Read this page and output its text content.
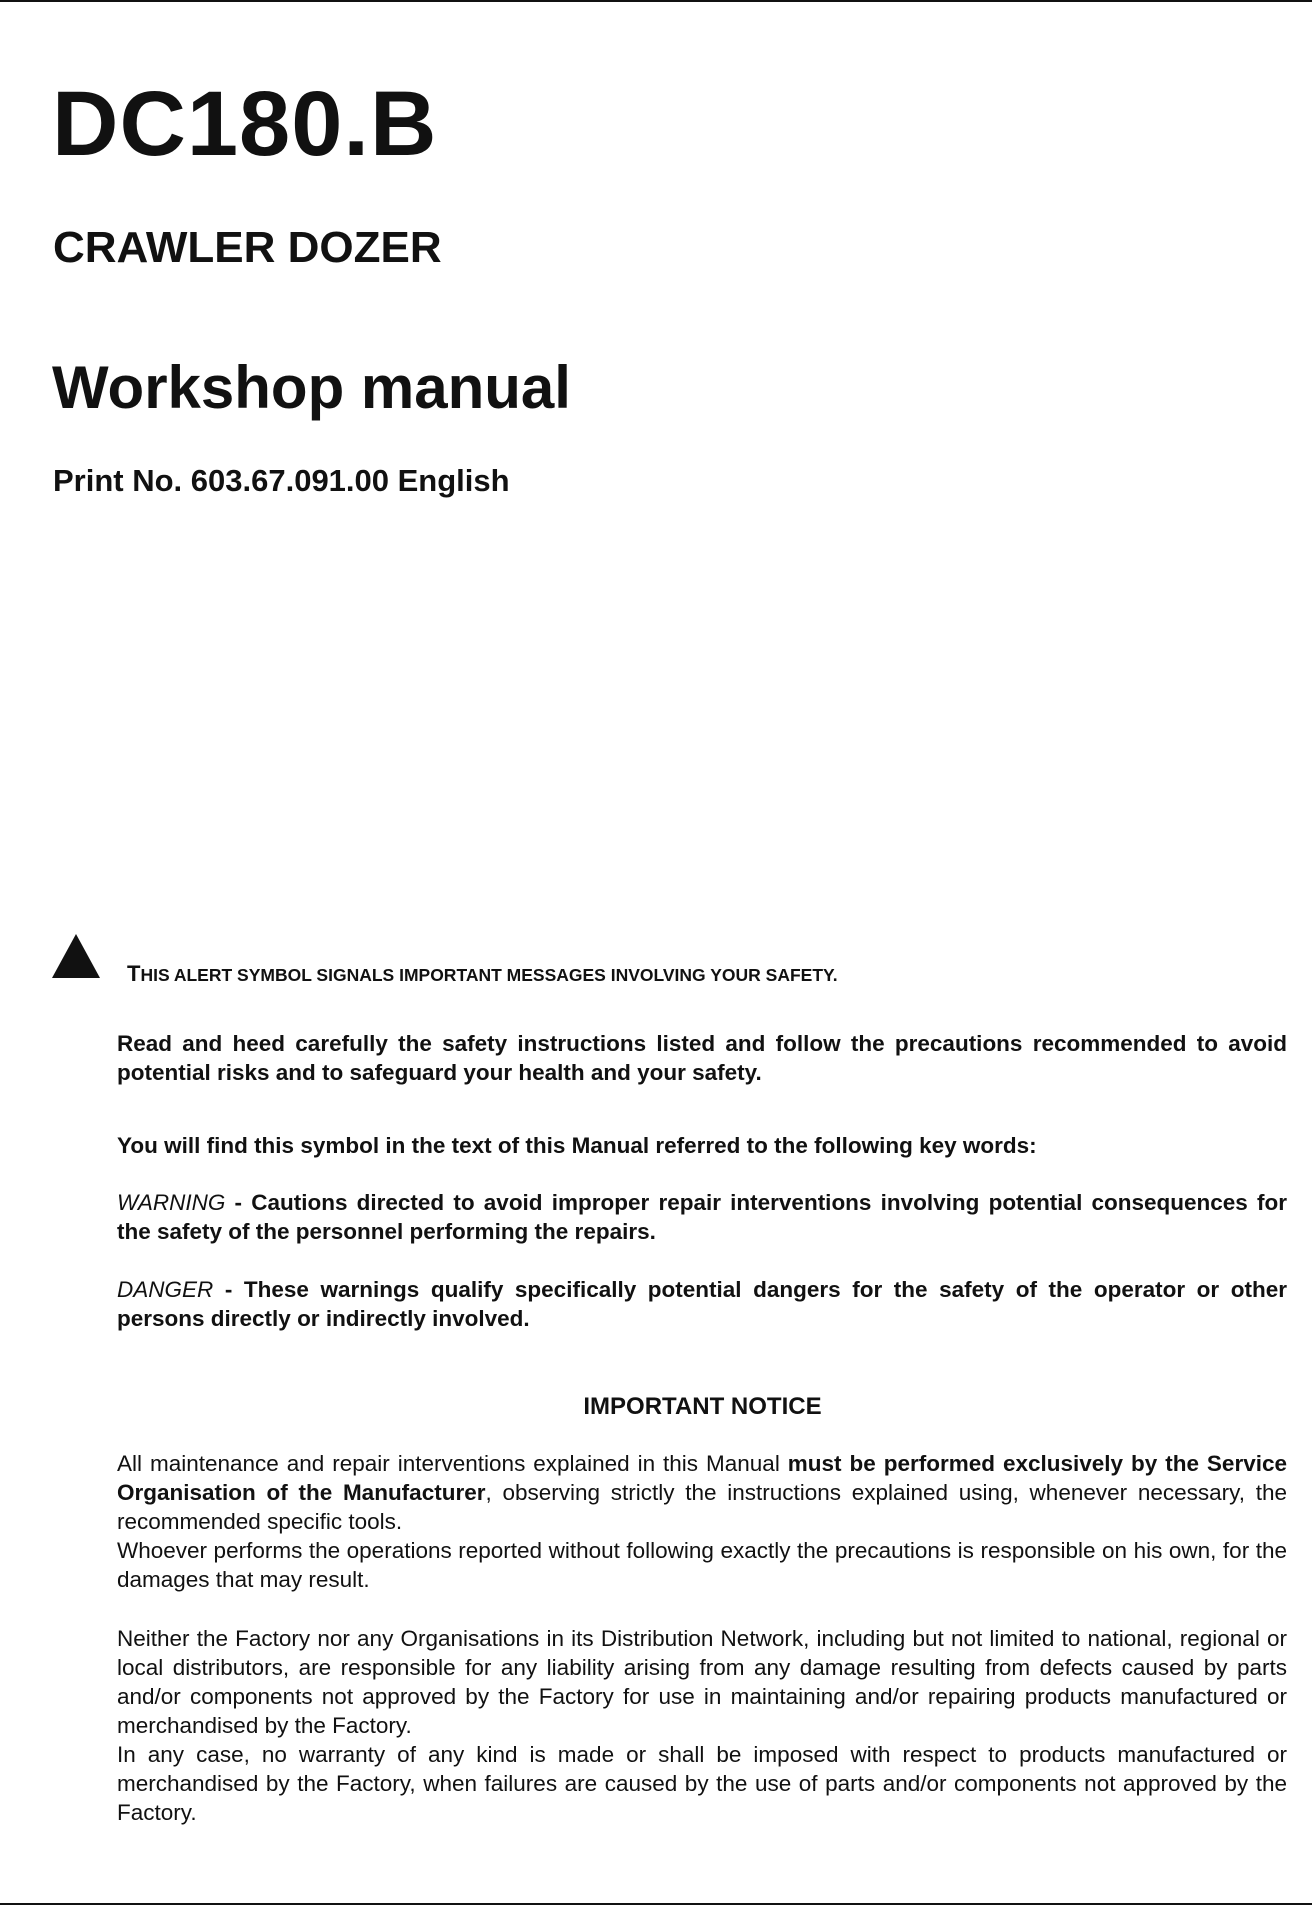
DC180.B
CRAWLER DOZER
Workshop manual
Print No. 603.67.091.00 English
THIS ALERT SYMBOL SIGNALS IMPORTANT MESSAGES INVOLVING YOUR SAFETY.
Read and heed carefully the safety instructions listed and follow the precautions recommended to avoid potential risks and to safeguard your health and your safety.
You will find this symbol in the text of this Manual referred to the following key words:
WARNING - Cautions directed to avoid improper repair interventions involving potential consequences for the safety of the personnel performing the repairs.
DANGER - These warnings qualify specifically potential dangers for the safety of the operator or other persons directly or indirectly involved.
IMPORTANT NOTICE

All maintenance and repair interventions explained in this Manual must be performed exclusively by the Service Organisation of the Manufacturer, observing strictly the instructions explained using, whenever necessary, the recommended specific tools.

Whoever performs the operations reported without following exactly the precautions is responsible on his own, for the damages that may result.

Neither the Factory nor any Organisations in its Distribution Network, including but not limited to national, regional or local distributors, are responsible for any liability arising from any damage resulting from defects caused by parts and/or components not approved by the Factory for use in maintaining and/or repairing products manufactured or merchandised by the Factory.

In any case, no warranty of any kind is made or shall be imposed with respect to products manufactured or merchandised by the Factory, when failures are caused by the use of parts and/or components not approved by the Factory.
